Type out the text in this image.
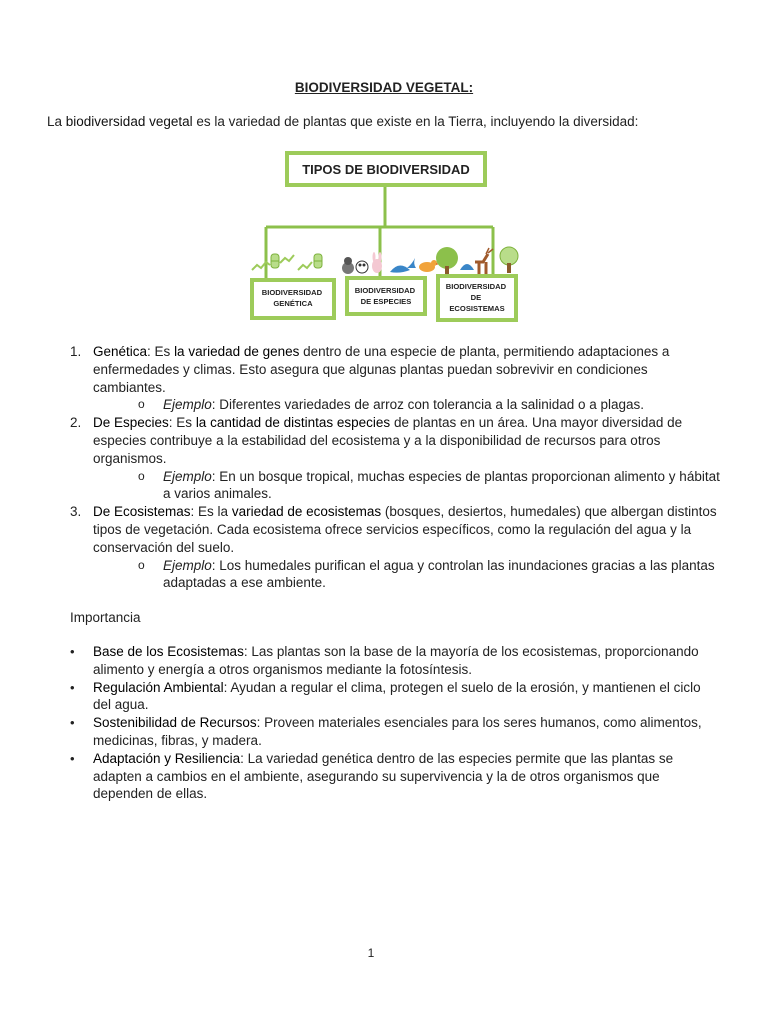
BIODIVERSIDAD VEGETAL:

La biodiversidad vegetal es la variedad de plantas que existe en la Tierra, incluyendo la diversidad:

TIPOS DE BIODIVERSIDAD
BIODIVERSIDAD GENÉTICA
BIODIVERSIDAD DE ESPECIES
BIODIVERSIDAD DE ECOSISTEMAS
1. Genética: Es la variedad de genes dentro de una especie de planta, permitiendo adaptaciones a enfermedades y climas. Esto asegura que algunas plantas puedan sobrevivir en condiciones cambiantes.
o Ejemplo: Diferentes variedades de arroz con tolerancia a la salinidad o a plagas.
2. De Especies: Es la cantidad de distintas especies de plantas en un área. Una mayor diversidad de especies contribuye a la estabilidad del ecosistema y a la disponibilidad de recursos para otros organismos.
o Ejemplo: En un bosque tropical, muchas especies de plantas proporcionan alimento y hábitat a varios animales.
3. De Ecosistemas: Es la variedad de ecosistemas (bosques, desiertos, humedales) que albergan distintos tipos de vegetación. Cada ecosistema ofrece servicios específicos, como la regulación del agua y la conservación del suelo.
o Ejemplo: Los humedales purifican el agua y controlan las inundaciones gracias a las plantas adaptadas a ese ambiente.

Importancia

• Base de los Ecosistemas: Las plantas son la base de la mayoría de los ecosistemas, proporcionando alimento y energía a otros organismos mediante la fotosíntesis.
• Regulación Ambiental: Ayudan a regular el clima, protegen el suelo de la erosión, y mantienen el ciclo del agua.
• Sostenibilidad de Recursos: Proveen materiales esenciales para los seres humanos, como alimentos, medicinas, fibras, y madera.
• Adaptación y Resiliencia: La variedad genética dentro de las especies permite que las plantas se adapten a cambios en el ambiente, asegurando su supervivencia y la de otros organismos que dependen de ellas.

1
